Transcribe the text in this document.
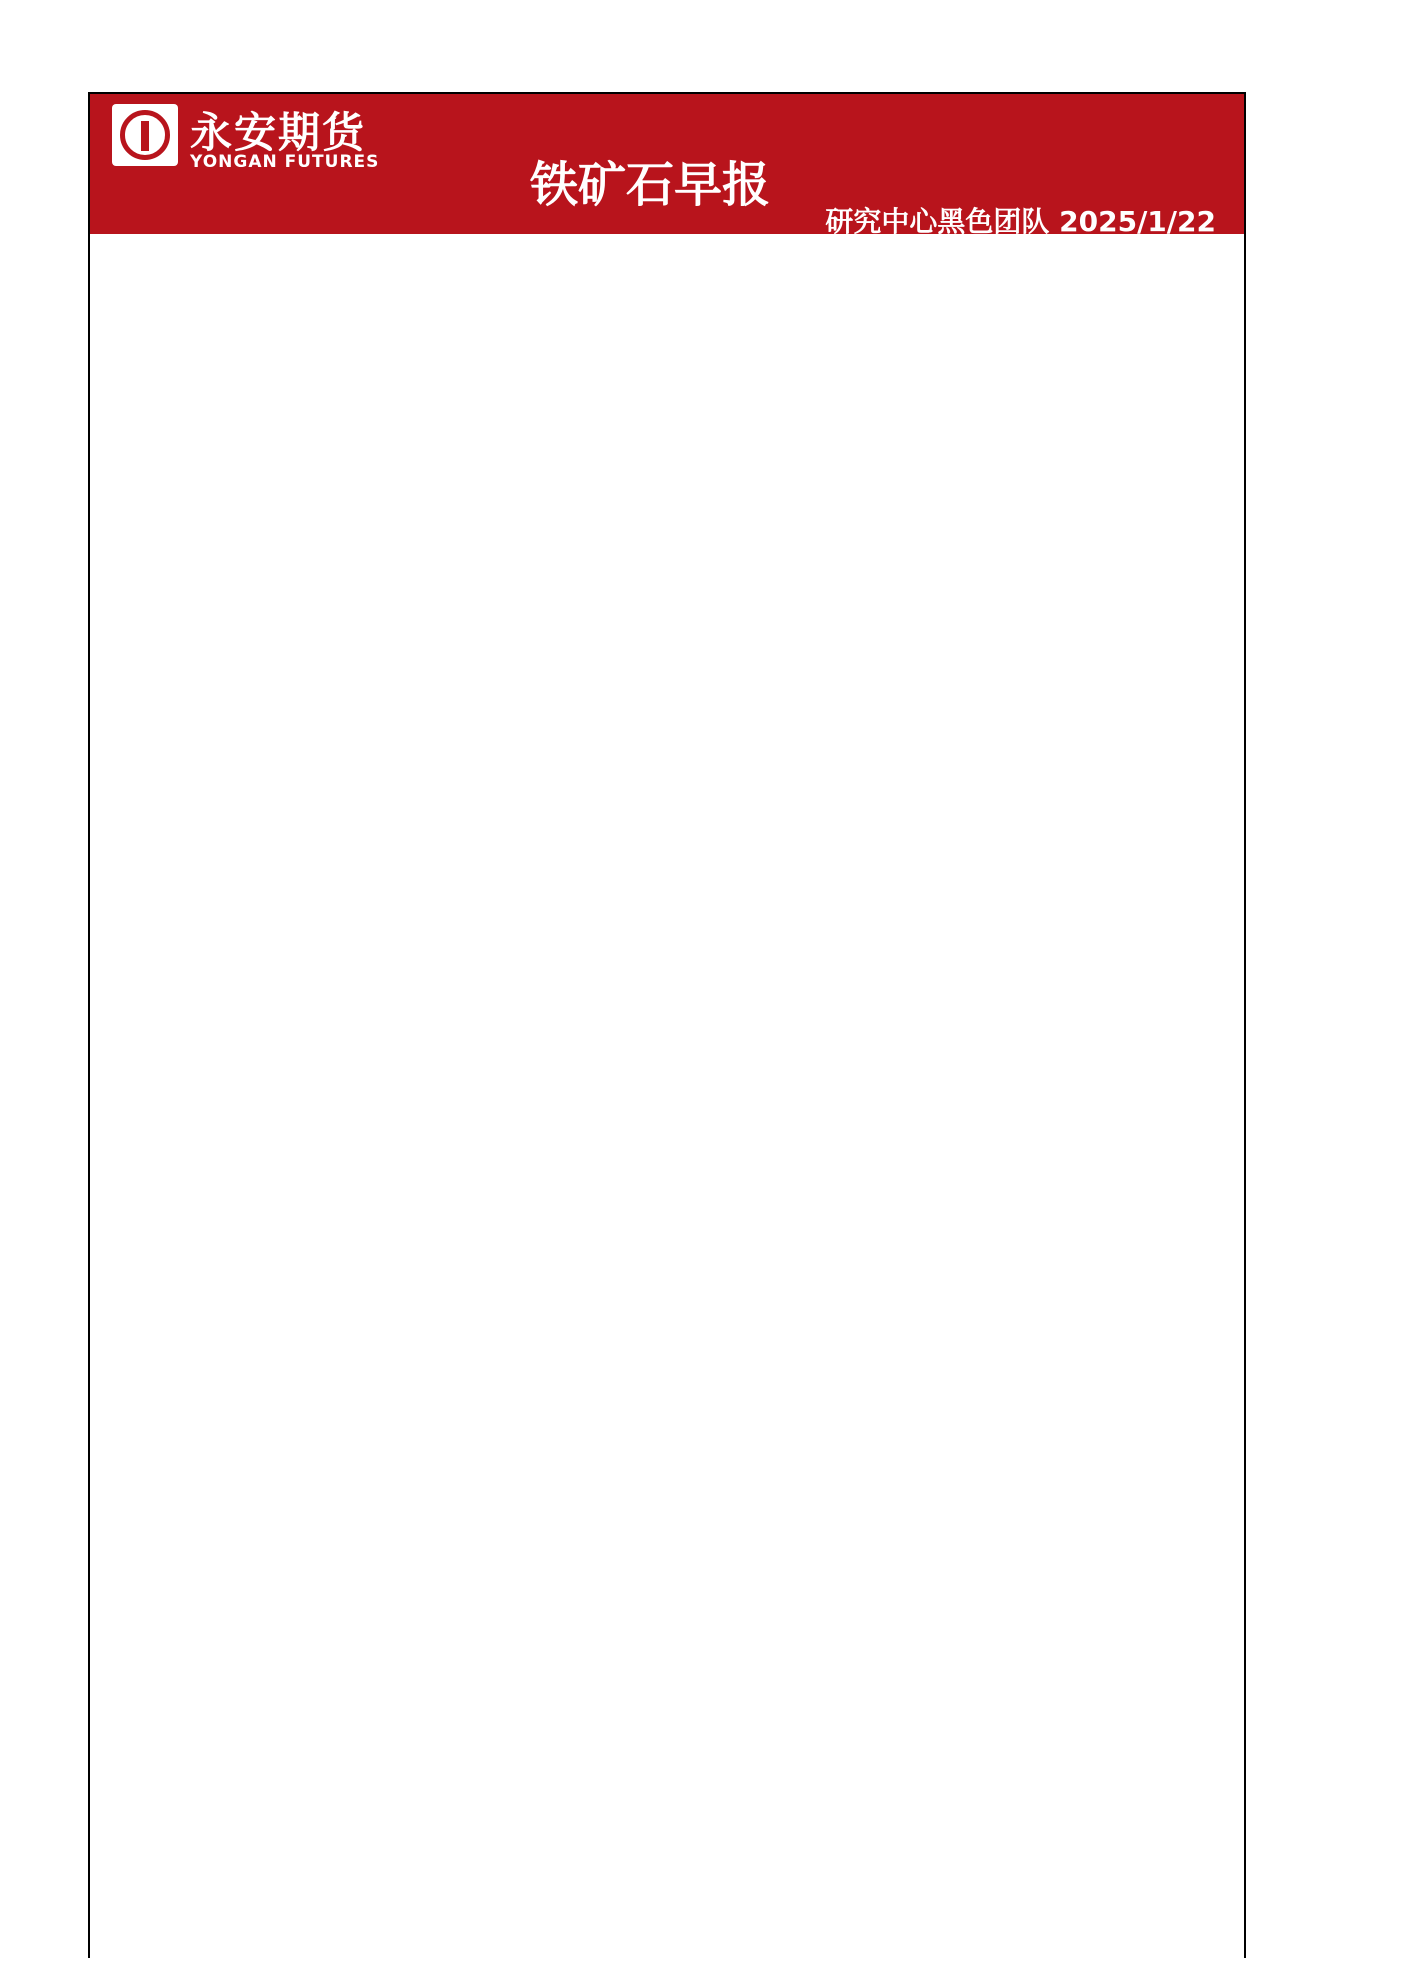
永安期货
YONGAN FUTURES	铁矿石早报
研究中心黑色团队 2025/1/22
